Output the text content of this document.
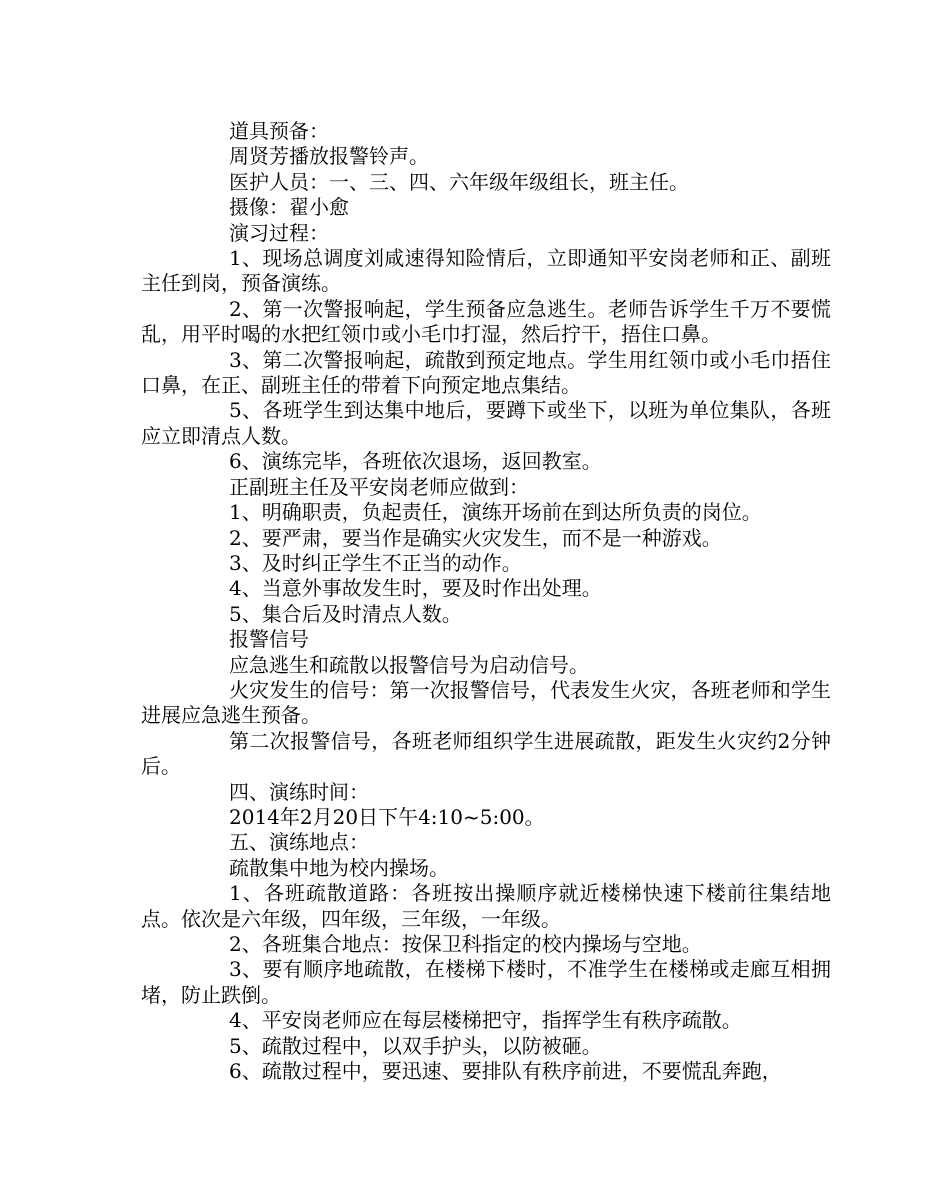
道具预备：

周贤芳播放报警铃声。

医护人员：一、三、四、六年级年级组长，班主任。

摄像：翟小愈

演习过程：

1、现场总调度刘咸速得知险情后，立即通知平安岗老师和正、副班主任到岗，预备演练。

2、第一次警报响起，学生预备应急逃生。老师告诉学生千万不要慌乱，用平时喝的水把红领巾或小毛巾打湿，然后拧干，捂住口鼻。

3、第二次警报响起，疏散到预定地点。学生用红领巾或小毛巾捂住口鼻，在正、副班主任的带着下向预定地点集结。

5、各班学生到达集中地后，要蹲下或坐下，以班为单位集队，各班应立即清点人数。

6、演练完毕，各班依次退场，返回教室。

正副班主任及平安岗老师应做到：

1、明确职责，负起责任，演练开场前在到达所负责的岗位。

2、要严肃，要当作是确实火灾发生，而不是一种游戏。

3、及时纠正学生不正当的动作。

4、当意外事故发生时，要及时作出处理。

5、集合后及时清点人数。

报警信号

应急逃生和疏散以报警信号为启动信号。

火灾发生的信号：第一次报警信号，代表发生火灾，各班老师和学生进展应急逃生预备。

第二次报警信号，各班老师组织学生进展疏散，距发生火灾约2分钟后。

四、演练时间：

2014年2月20日下午4:10~5:00。

五、演练地点：

疏散集中地为校内操场。

1、各班疏散道路：各班按出操顺序就近楼梯快速下楼前往集结地点。依次是六年级，四年级，三年级，一年级。

2、各班集合地点：按保卫科指定的校内操场与空地。

3、要有顺序地疏散，在楼梯下楼时，不准学生在楼梯或走廊互相拥堵，防止跌倒。

4、平安岗老师应在每层楼梯把守，指挥学生有秩序疏散。

5、疏散过程中，以双手护头，以防被砸。

6、疏散过程中，要迅速、要排队有秩序前进，不要慌乱奔跑，
